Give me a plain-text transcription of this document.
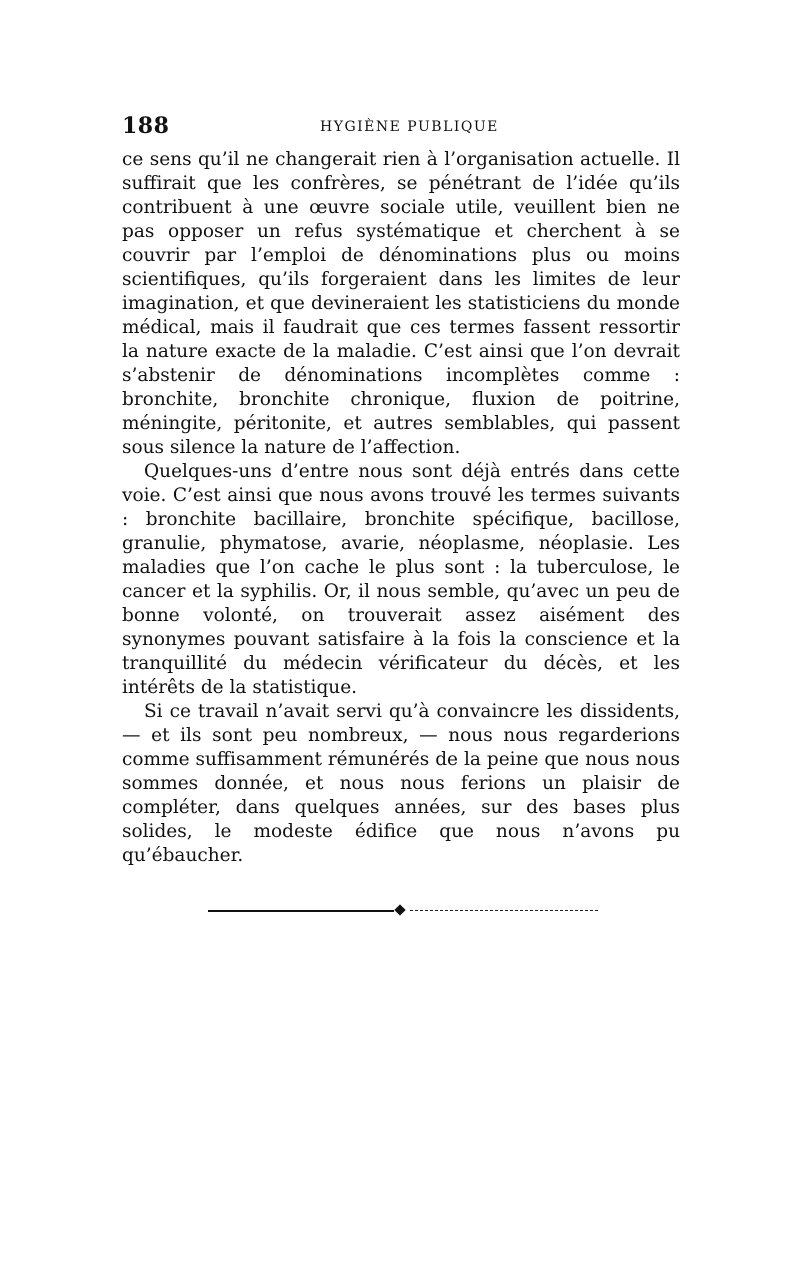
188	HYGIÈNE PUBLIQUE

ce sens qu’il ne changerait rien à l’organisation actuelle. Il suffirait que les confrères, se pénétrant de l’idée qu’ils contribuent à une œuvre sociale utile, veuillent bien ne pas opposer un refus systématique et cherchent à se couvrir par l’emploi de dénominations plus ou moins scientifiques, qu’ils forgeraient dans les limites de leur imagination, et que devineraient les statisticiens du monde médical, mais il faudrait que ces termes fassent ressortir la nature exacte de la maladie. C’est ainsi que l’on devrait s’abstenir de dénominations incomplètes comme : bronchite, bronchite chronique, fluxion de poitrine, méningite, péritonite, et autres semblables, qui passent sous silence la nature de l’affection.

Quelques-uns d’entre nous sont déjà entrés dans cette voie. C’est ainsi que nous avons trouvé les termes suivants : bronchite bacillaire, bronchite spécifique, bacillose, granulie, phymatose, avarie, néoplasme, néoplasie. Les maladies que l’on cache le plus sont : la tuberculose, le cancer et la syphilis. Or, il nous semble, qu’avec un peu de bonne volonté, on trouverait assez aisément des synonymes pouvant satisfaire à la fois la conscience et la tranquillité du médecin vérificateur du décès, et les intérêts de la statistique.

Si ce travail n’avait servi qu’à convaincre les dissidents, — et ils sont peu nombreux, — nous nous regarderions comme suffisamment rémunérés de la peine que nous nous sommes donnée, et nous nous ferions un plaisir de compléter, dans quelques années, sur des bases plus solides, le modeste édifice que nous n’avons pu qu’ébaucher.
